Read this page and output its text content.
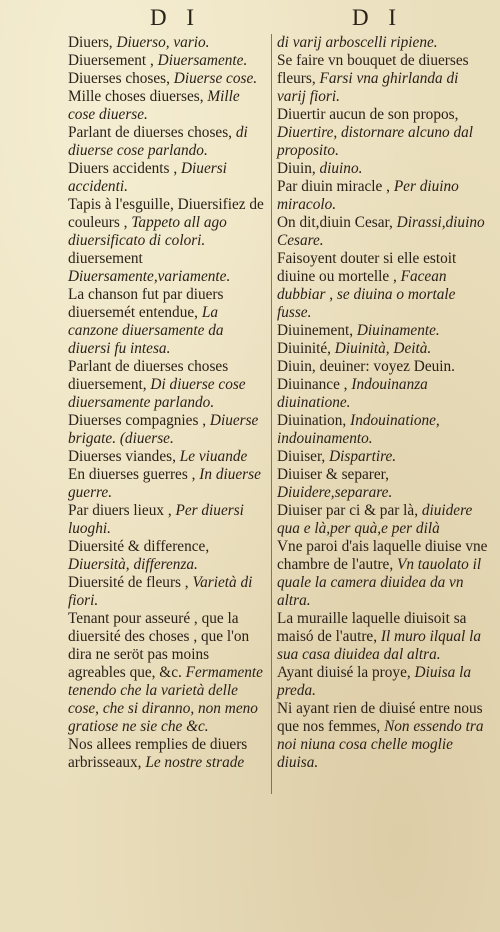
D I	D I

Diuers, Diuerso, vario.

Diuersement , Diuersamente.

Diuerses choses, Diuerse cose.

Mille choses diuerses, Mille cose diuerse.

Parlant de diuerses choses, di diuerse cose parlando.

Diuers accidents , Diuersi accidenti.

Tapis à l'esguille, Diuersifiez de couleurs , Tappeto all ago diuersificato di colori.

diuersementDiuersamente,variamente.

La chanson fut par diuers diuersemét entendue, La canzone diuersamente da diuersi fu intesa.

Parlant de diuerses choses diuersement, Di diuerse cose diuersamente parlando.

Diuerses compagnies , Diuerse brigate. (diuerse.

Diuerses viandes, Le viuande

En diuerses guerres , In diuerse guerre.

Par diuers lieux , Per diuersi luoghi.

Diuersité & difference,Diuersità, differenza.

Diuersité de fleurs , Varietà di fiori.

Tenant pour asseuré , que la diuersité des choses , que l'on dira ne seröt pas moins agreables que, &c. Fermamente tenendo che la varietà delle cose, che si diranno, non meno gratiose ne sie che &c.

Nos allees remplies de diuers arbrisseaux, Le nostre strade

di varij arboscelli ripiene.

Se faire vn bouquet de diuerses fleurs, Farsi vna ghirlanda di varij fiori.

Diuertir aucun de son propos,Diuertire, distornare alcuno dal proposito.

Diuin, diuino.

Par diuin miracle , Per diuino miracolo.

On dit,diuin Cesar, Dirassi,diuino Cesare.

Faisoyent douter si elle estoit diuine ou mortelle , Facean dubbiar , se diuina o mortale fusse.

Diuinement, Diuinamente.

Diuinité, Diuinità, Deità.

Diuin, deuiner: voyez Deuin.

Diuinance , Indouinanza diuinatione.

Diuination, Indouinatione, indouinamento.

Diuiser, Dispartire.

Diuiser & separer,Diuidere,separare.

Diuiser par ci & par là, diuidere qua e là,per quà,e per dilà

Vne paroi d'ais laquelle diuise vne chambre de l'autre, Vn tauolato il quale la camera diuidea da vn altra.

La muraille laquelle diuisoit sa maisó de l'autre, Il muro ilqual la sua casa diuidea dal altra.

Ayant diuisé la proye, Diuisa la preda.

Ni ayant rien de diuisé entre nous que nos femmes, Non essendo tra noi niuna cosa chelle moglie diuisa.
